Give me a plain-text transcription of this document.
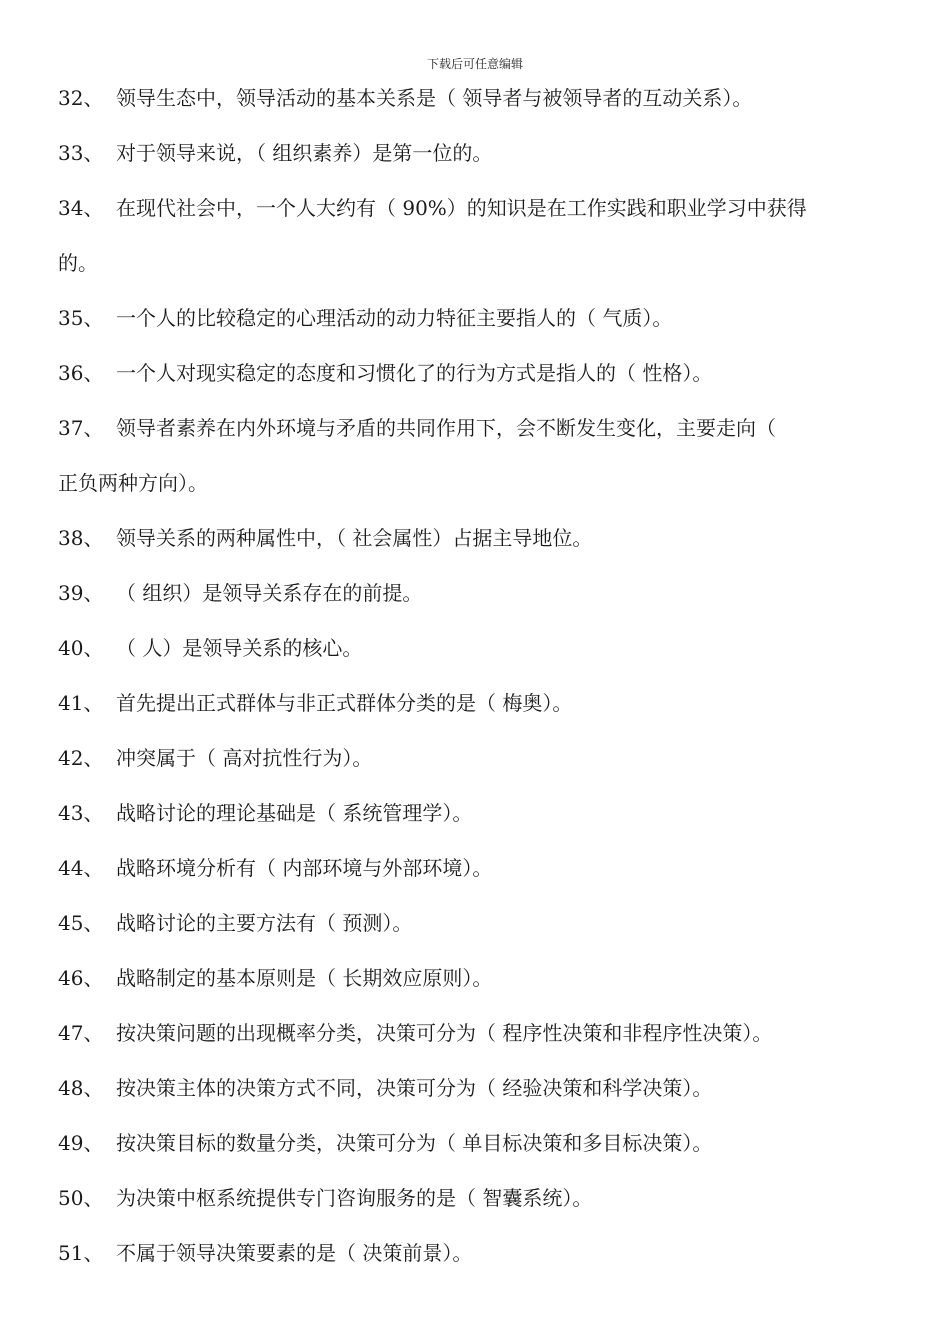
下载后可任意编辑
32、 领导生态中，领导活动的基本关系是（ 领导者与被领导者的互动关系）。
33、 对于领导来说，（ 组织素养）是第一位的。
34、 在现代社会中，一个人大约有（ 90%）的知识是在工作实践和职业学习中获得
的。
35、 一个人的比较稳定的心理活动的动力特征主要指人的（ 气质）。
36、 一个人对现实稳定的态度和习惯化了的行为方式是指人的（ 性格）。
37、 领导者素养在内外环境与矛盾的共同作用下，会不断发生变化，主要走向（
正负两种方向）。
38、 领导关系的两种属性中，（ 社会属性）占据主导地位。
39、 （ 组织）是领导关系存在的前提。
40、 （ 人）是领导关系的核心。
41、 首先提出正式群体与非正式群体分类的是（ 梅奥）。
42、 冲突属于（ 高对抗性行为）。
43、 战略讨论的理论基础是（ 系统管理学）。
44、 战略环境分析有（ 内部环境与外部环境）。
45、 战略讨论的主要方法有（ 预测）。
46、 战略制定的基本原则是（ 长期效应原则）。
47、 按决策问题的出现概率分类，决策可分为（ 程序性决策和非程序性决策）。
48、 按决策主体的决策方式不同，决策可分为（ 经验决策和科学决策）。
49、 按决策目标的数量分类，决策可分为（ 单目标决策和多目标决策）。
50、 为决策中枢系统提供专门咨询服务的是（ 智囊系统）。
51、 不属于领导决策要素的是（ 决策前景）。
